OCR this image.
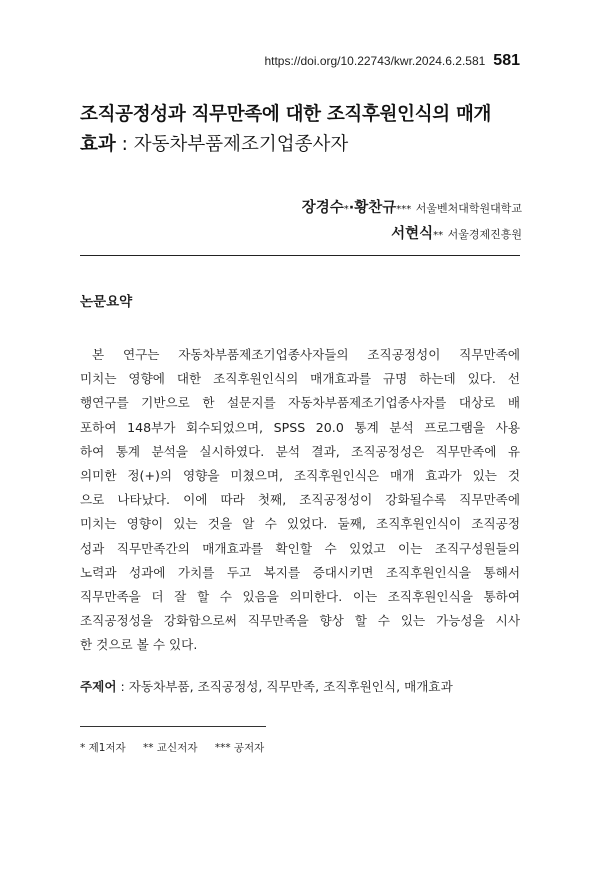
https://doi.org/10.22743/kwr.2024.6.2.581 581
조직공정성과 직무만족에 대한 조직후원인식의 매개
효과 : 자동차부품제조기업종사자
장경수*·황찬규*** 서울벤처대학원대학교
서현식** 서울경제진흥원
논문요약
본 연구는 자동차부품제조기업종사자들의 조직공정성이 직무만족에
미치는 영향에 대한 조직후원인식의 매개효과를 규명 하는데 있다. 선
행연구를 기반으로 한 설문지를 자동차부품제조기업종사자를 대상로 배
포하여 148부가 회수되었으며, SPSS 20.0 통계 분석 프로그램을 사용
하여 통계 분석을 실시하였다. 분석 결과, 조직공정성은 직무만족에 유
의미한 정(+)의 영향을 미쳤으며, 조직후원인식은 매개 효과가 있는 것
으로 나타났다. 이에 따라 첫째, 조직공정성이 강화될수록 직무만족에
미치는 영향이 있는 것을 알 수 있었다. 둘째, 조직후원인식이 조직공정
성과 직무만족간의 매개효과를 확인할 수 있었고 이는 조직구성원들의
노력과 성과에 가치를 두고 복지를 증대시키면 조직후원인식을 통해서
직무만족을 더 잘 할 수 있음을 의미한다. 이는 조직후원인식을 통하여
조직공정성을 강화함으로써 직무만족을 향상 할 수 있는 가능성을 시사
한 것으로 볼 수 있다.
주제어 : 자동차부품, 조직공정성, 직무만족, 조직후원인식, 매개효과
* 제1저자 ** 교신저자 *** 공저자
